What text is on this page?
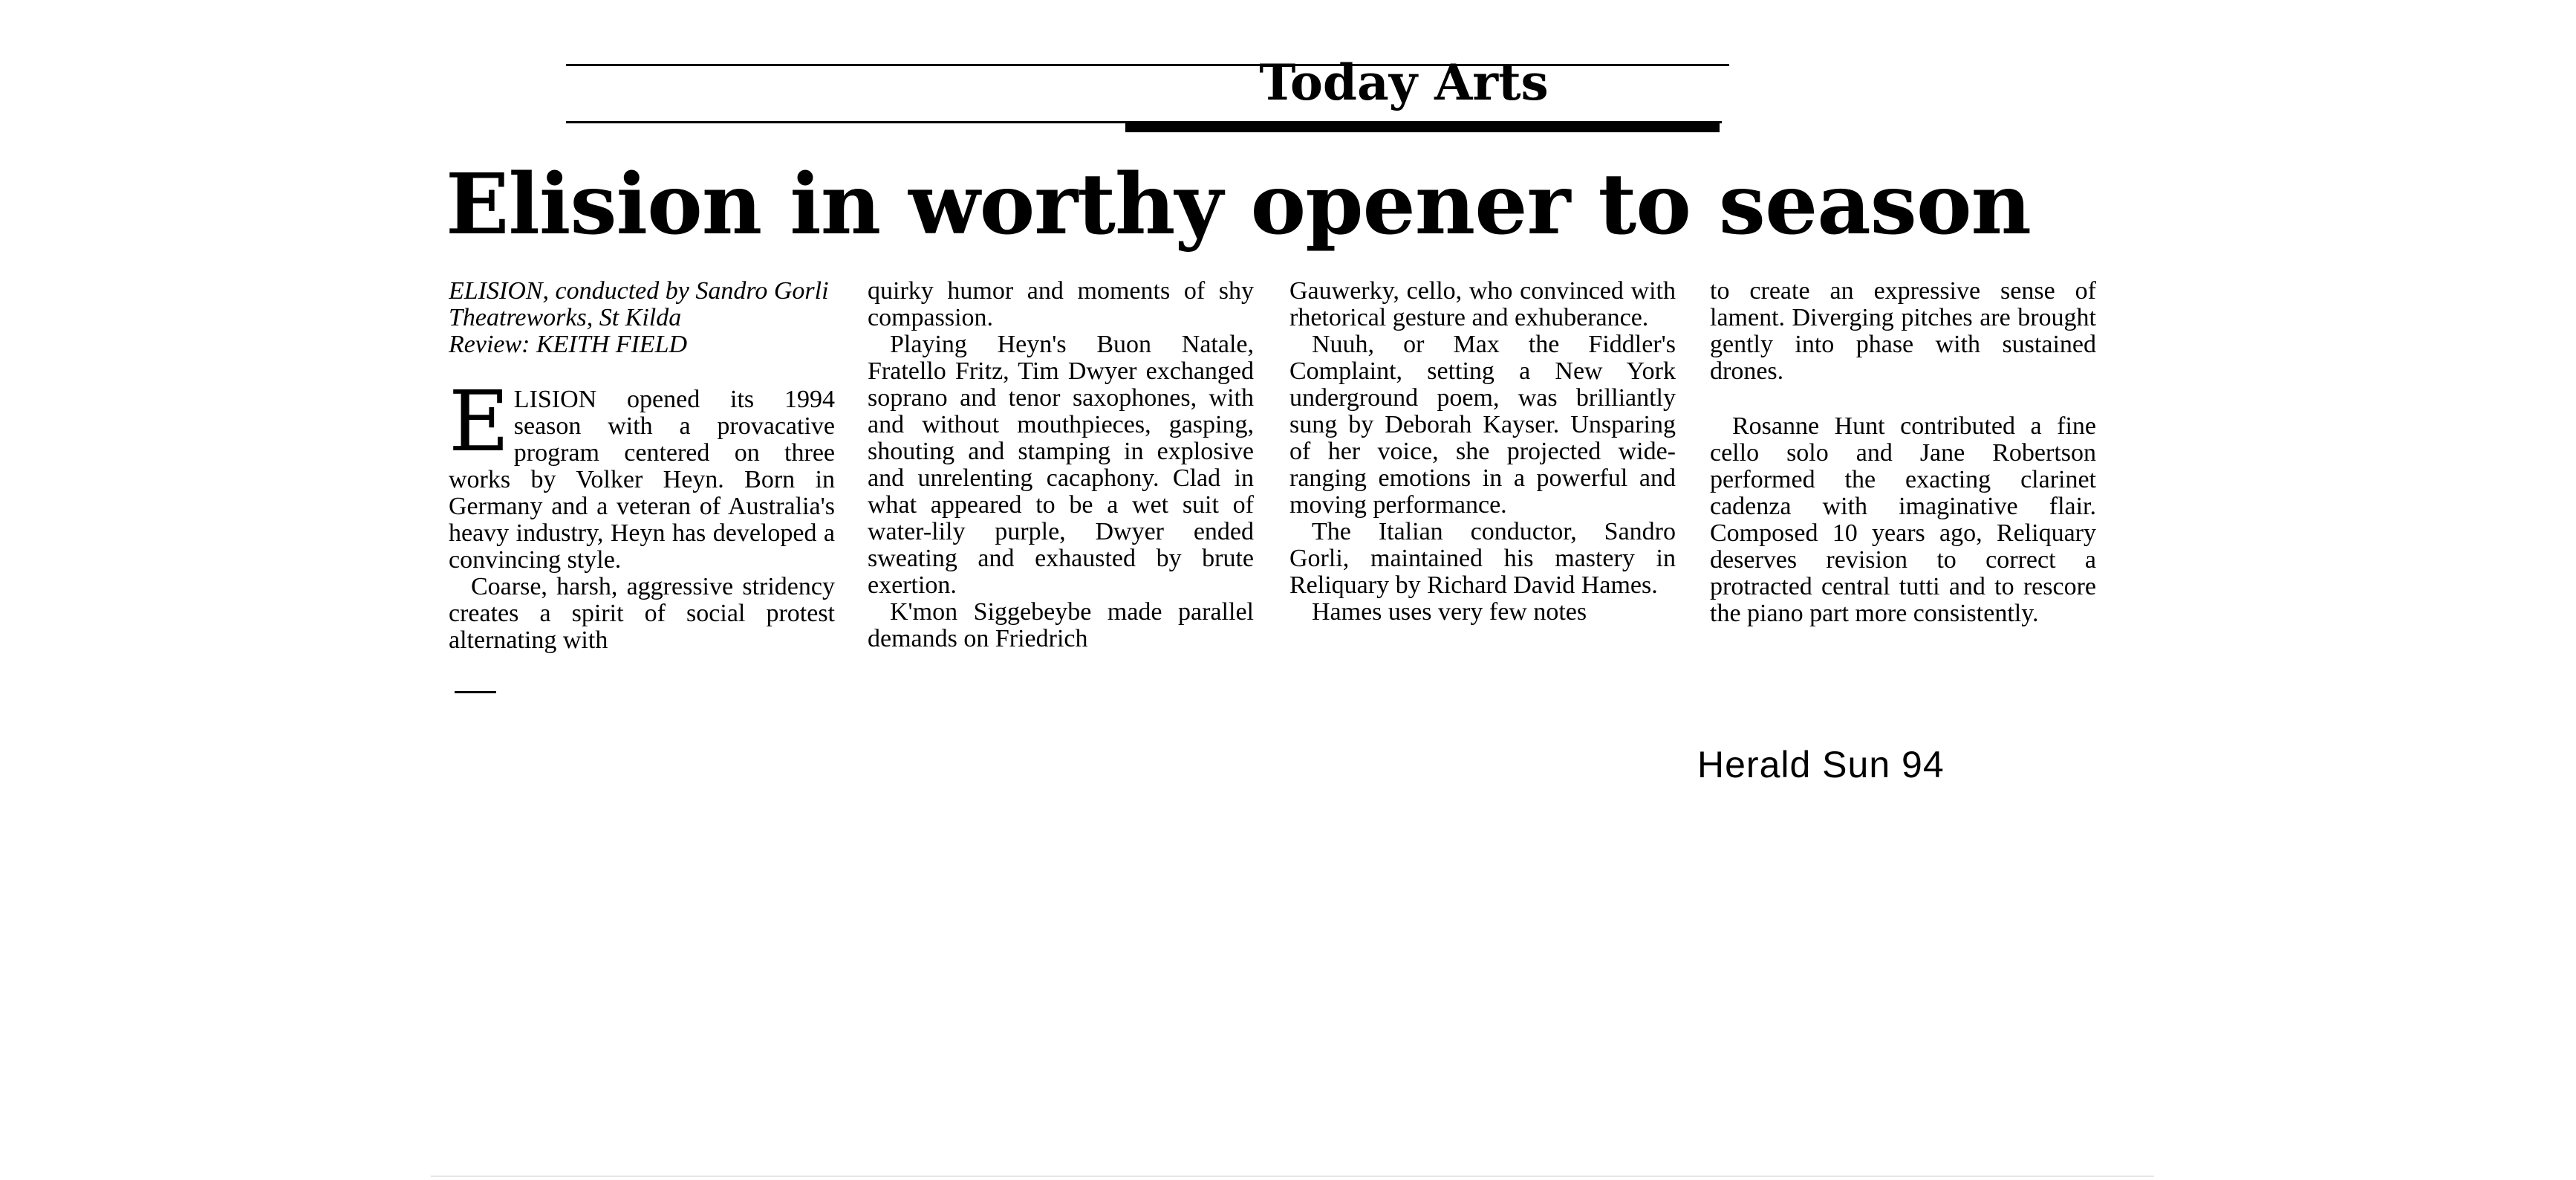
Today Arts
Elision in worthy opener to season

ELISION, conducted by Sandro Gorli

Theatreworks, St Kilda

Review: KEITH FIELD

ELISION opened its 1994 season with a provacative program centered on three works by Volker Heyn. Born in Germany and a veteran of Australia's heavy industry, Heyn has developed a convincing style.

Coarse, harsh, aggressive stridency creates a spirit of social protest alternating with

quirky humor and moments of shy compassion.

Playing Heyn's Buon Natale, Fratello Fritz, Tim Dwyer exchanged soprano and tenor saxophones, with and without mouthpieces, gasping, shouting and stamping in explosive and unrelenting cacaphony. Clad in what appeared to be a wet suit of water-lily purple, Dwyer ended sweating and exhausted by brute exertion.

K'mon Siggebeybe made parallel demands on Friedrich

Gauwerky, cello, who convinced with rhetorical gesture and exhuberance.

Nuuh, or Max the Fiddler's Complaint, setting a New York underground poem, was brilliantly sung by Deborah Kayser. Unsparing of her voice, she projected wide-ranging emotions in a powerful and moving performance.

The Italian conductor, Sandro Gorli, maintained his mastery in Reliquary by Richard David Hames.

Hames uses very few notes

to create an expressive sense of lament. Diverging pitches are brought gently into phase with sustained drones.

Rosanne Hunt contributed a fine cello solo and Jane Robertson performed the exacting clarinet cadenza with imaginative flair. Composed 10 years ago, Reliquary deserves revision to correct a protracted central tutti and to rescore the piano part more consistently.

Herald Sun 94
